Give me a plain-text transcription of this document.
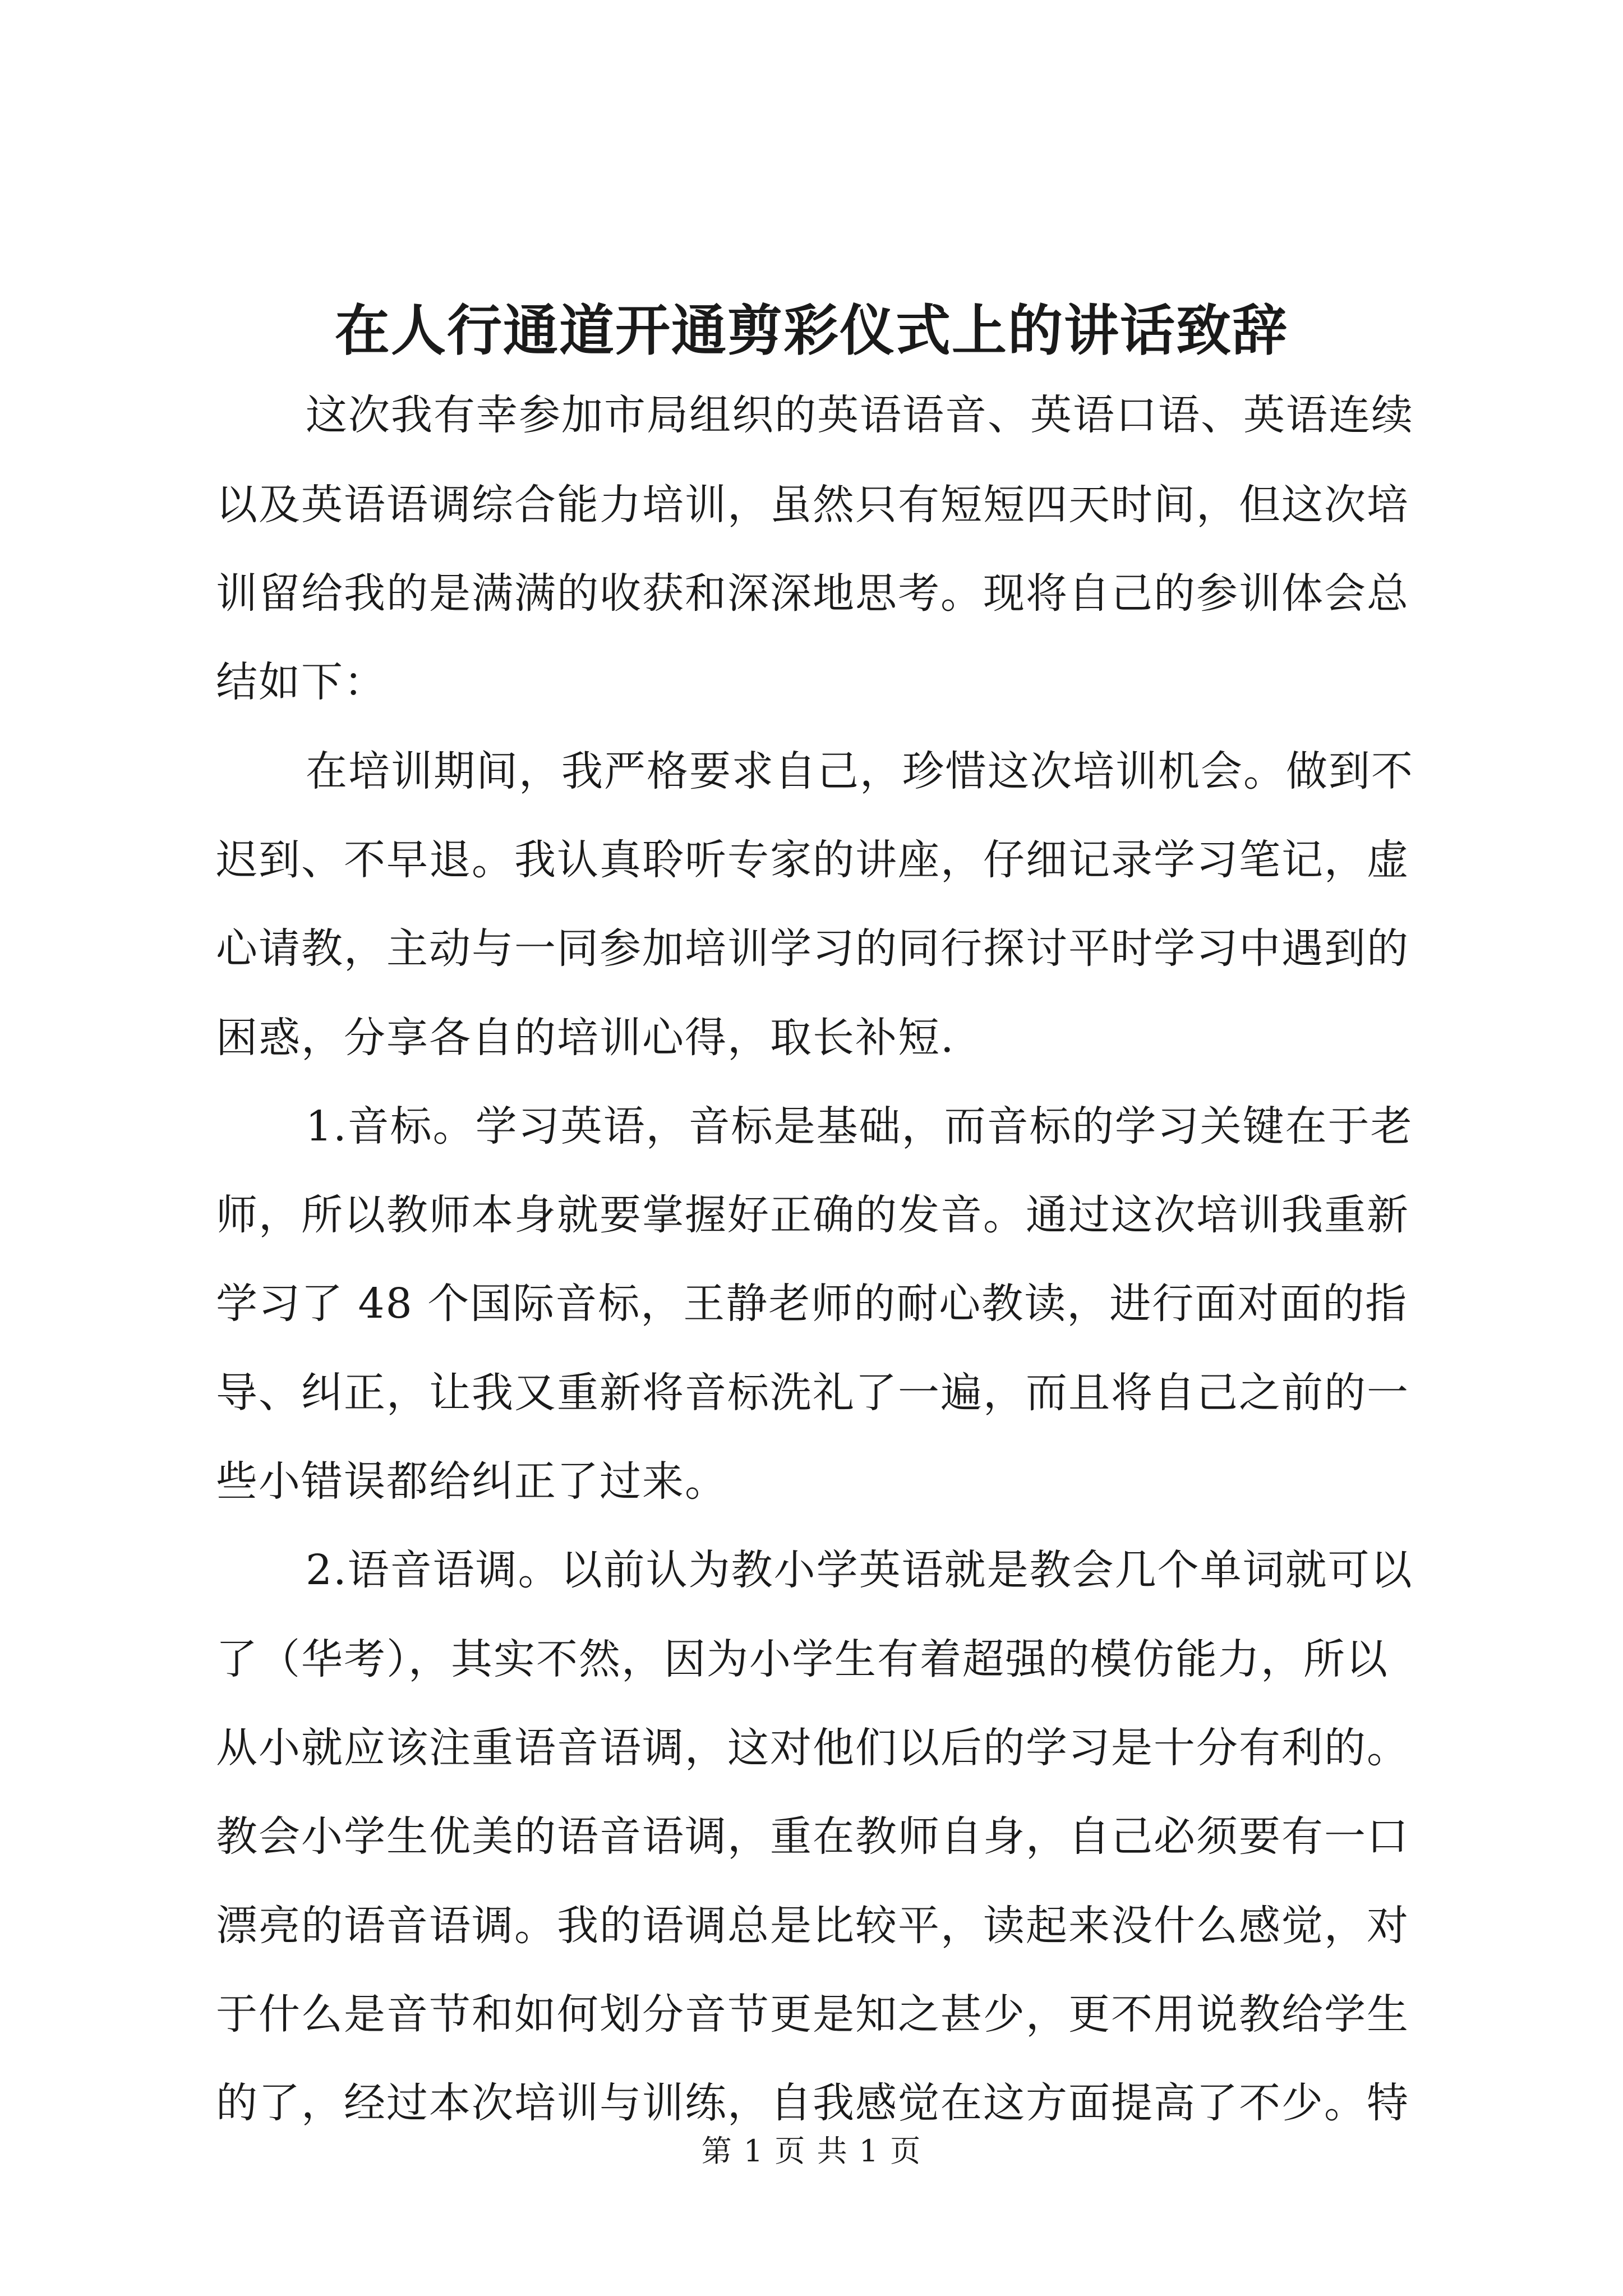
在人行通道开通剪彩仪式上的讲话致辞
这次我有幸参加市局组织的英语语音、英语口语、英语连续
以及英语语调综合能力培训，虽然只有短短四天时间，但这次培
训留给我的是满满的收获和深深地思考。现将自己的参训体会总
结如下：
在培训期间，我严格要求自己，珍惜这次培训机会。做到不
迟到、不早退。我认真聆听专家的讲座，仔细记录学习笔记，虚
心请教，主动与一同参加培训学习的同行探讨平时学习中遇到的
困惑，分享各自的培训心得，取长补短.
1.音标。学习英语，音标是基础，而音标的学习关键在于老
师，所以教师本身就要掌握好正确的发音。通过这次培训我重新
学习了 48 个国际音标，王静老师的耐心教读，进行面对面的指
导、纠正，让我又重新将音标洗礼了一遍，而且将自己之前的一
些小错误都给纠正了过来。
2.语音语调。以前认为教小学英语就是教会几个单词就可以
了（华考），其实不然，因为小学生有着超强的模仿能力，所以
从小就应该注重语音语调，这对他们以后的学习是十分有利的。
教会小学生优美的语音语调，重在教师自身，自己必须要有一口
漂亮的语音语调。我的语调总是比较平，读起来没什么感觉，对
于什么是音节和如何划分音节更是知之甚少，更不用说教给学生
的了，经过本次培训与训练，自我感觉在这方面提高了不少。特
第 1 页 共 1 页
